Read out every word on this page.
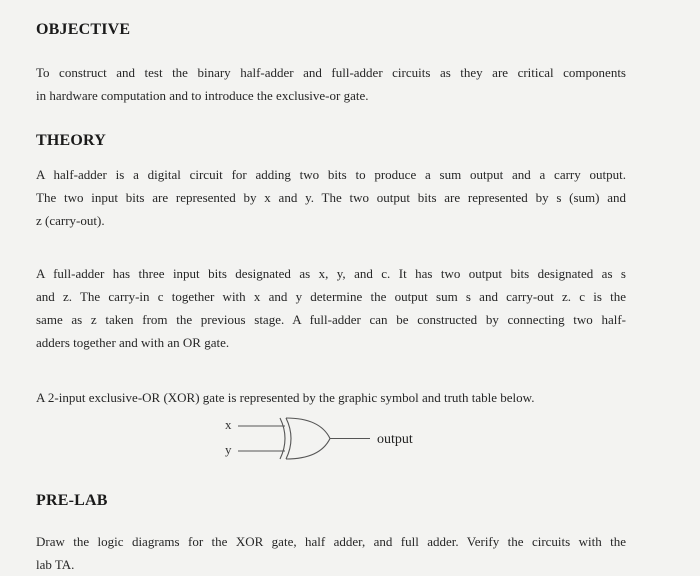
OBJECTIVE
To construct and test the binary half-adder and full-adder circuits as they are critical components
in hardware computation and to introduce the exclusive-or gate.
THEORY
A half-adder is a digital circuit for adding two bits to produce a sum output and a carry output.
The two input bits are represented by x and y. The two output bits are represented by s (sum) and
z (carry-out).
A full-adder has three input bits designated as x, y, and c. It has two output bits designated as s
and z. The carry-in c together with x and y determine the output sum s and carry-out z. c is the
same as z taken from the previous stage. A full-adder can be constructed by connecting two half-
adders together and with an OR gate.
A 2-input exclusive-OR (XOR) gate is represented by the graphic symbol and truth table below.
x
y
output
PRE-LAB
Draw the logic diagrams for the XOR gate, half adder, and full adder. Verify the circuits with the
lab TA.
